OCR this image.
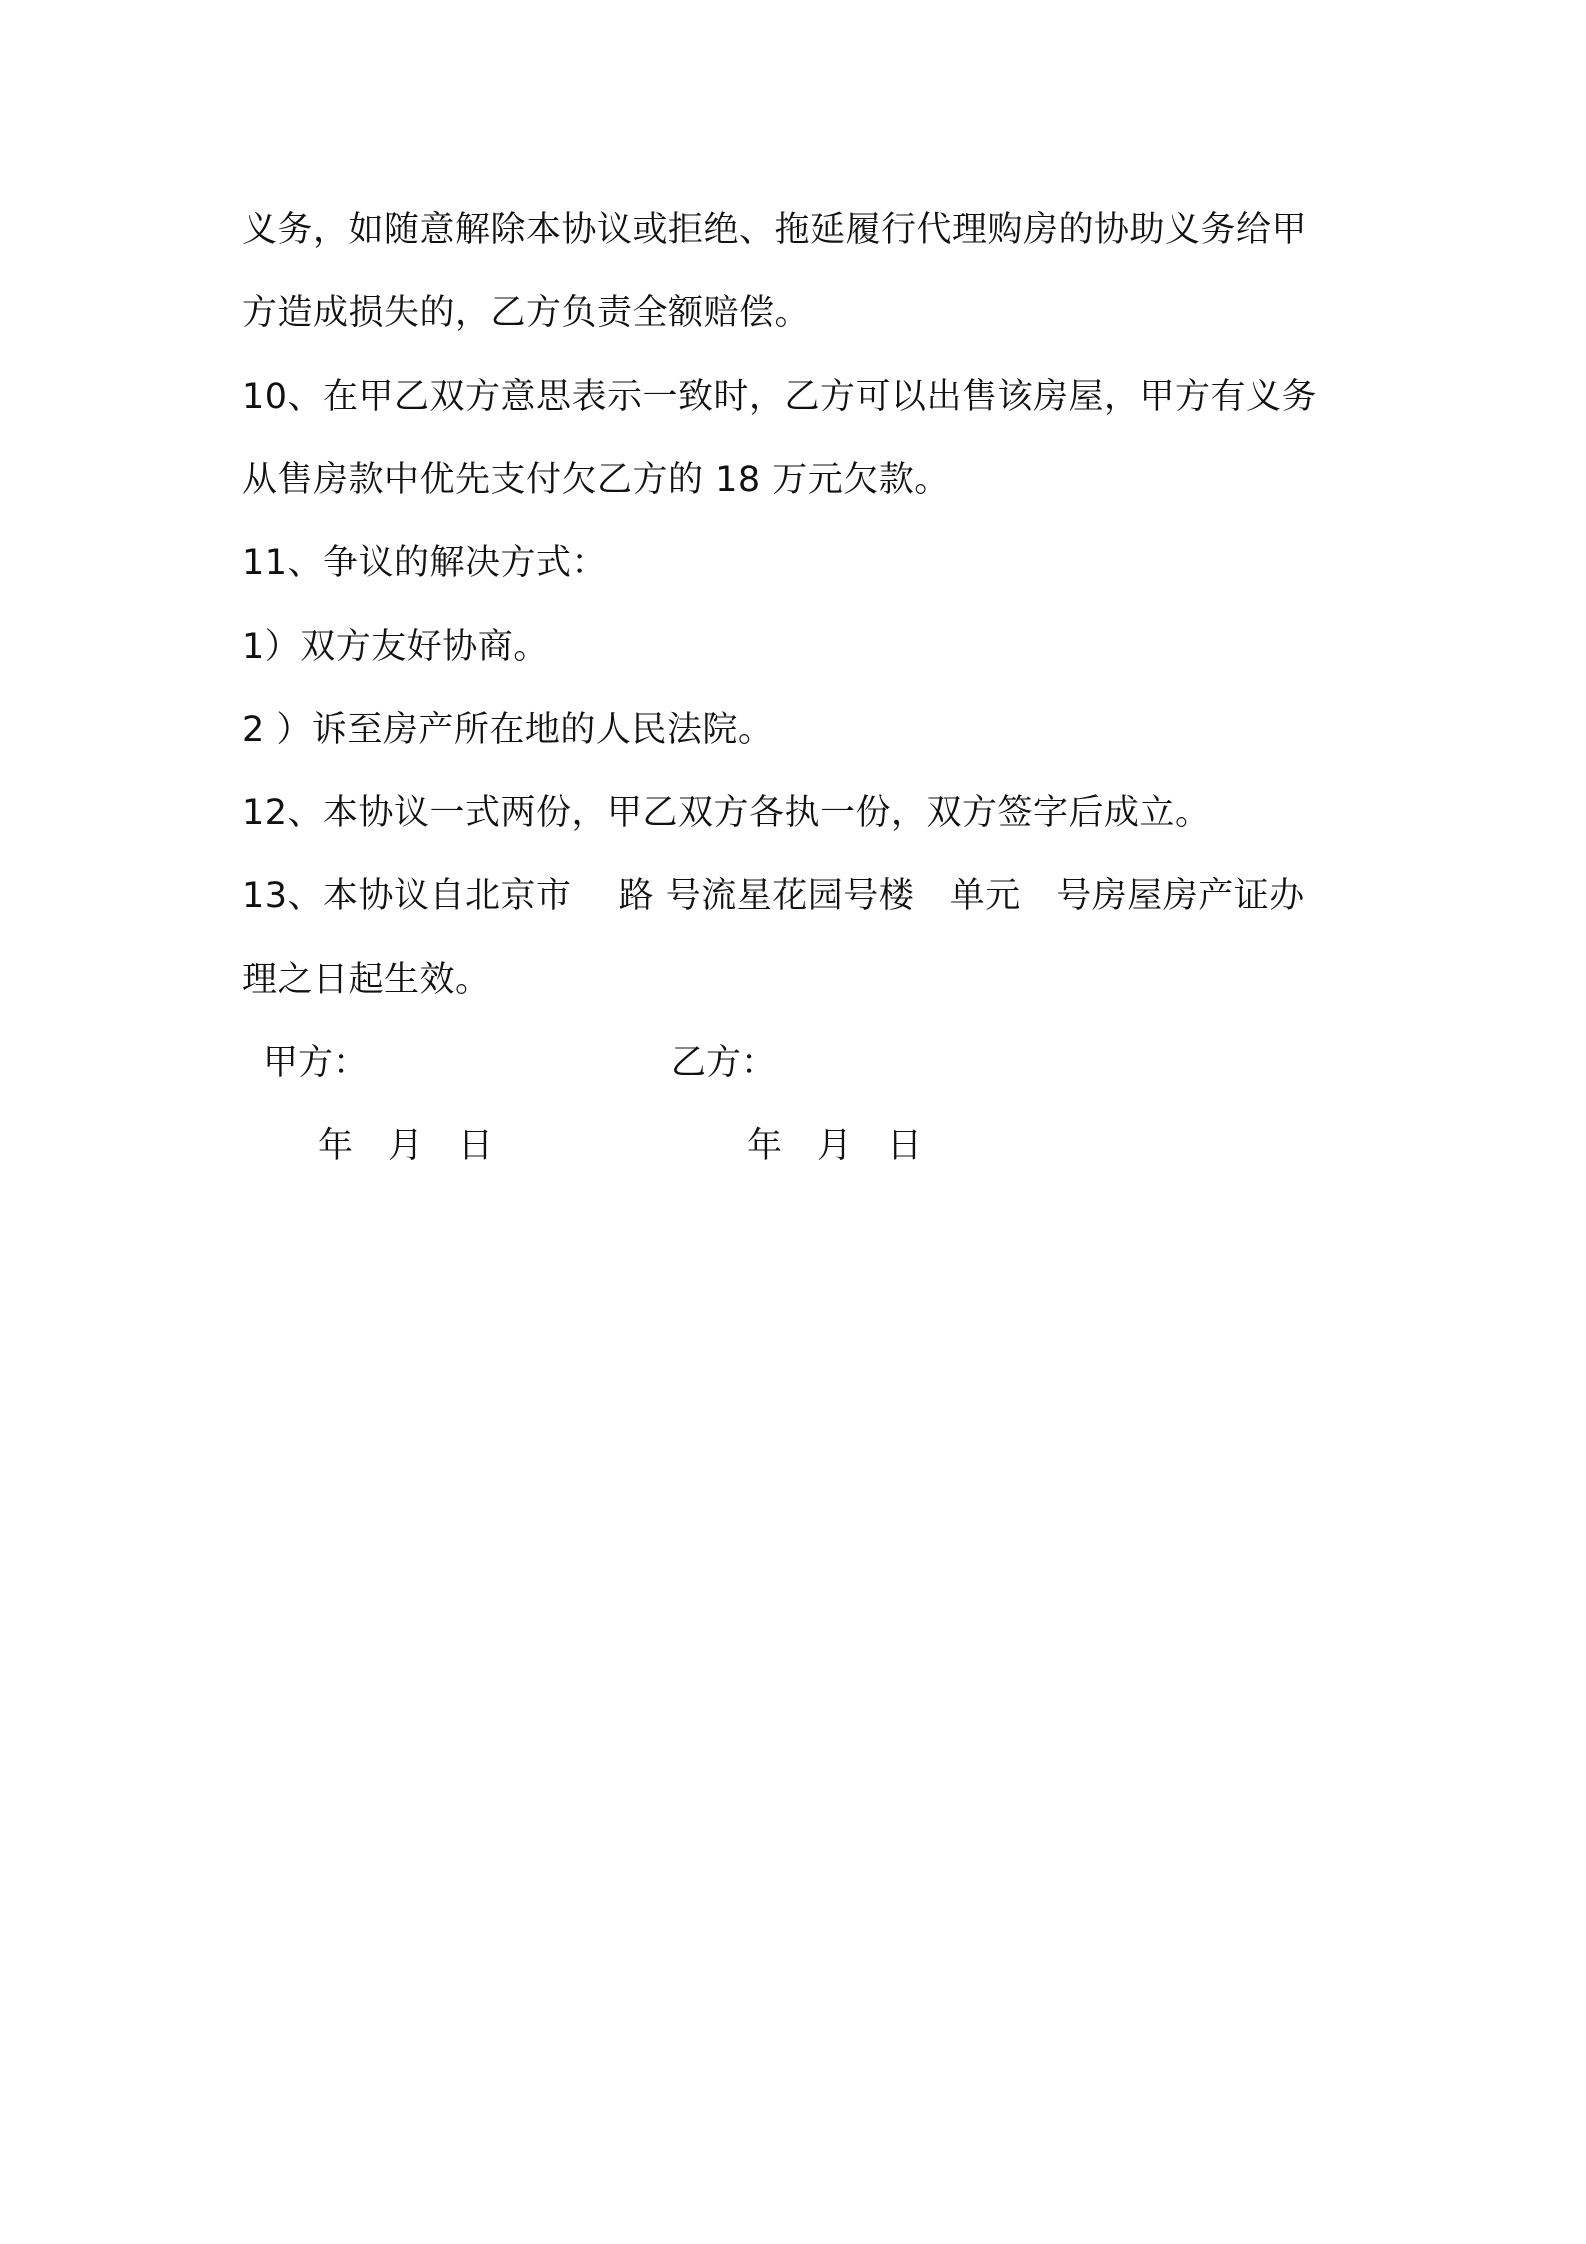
义务，如随意解除本协议或拒绝、拖延履行代理购房的协助义务给甲
方造成损失的，乙方负责全额赔偿。
10、在甲乙双方意思表示一致时，乙方可以出售该房屋，甲方有义务
从售房款中优先支付欠乙方的 18 万元欠款。
11、争议的解决方式：
1）双方友好协商。
2 ）诉至房产所在地的人民法院。
12、本协议一式两份，甲乙双方各执一份，双方签字后成立。
13、本协议自北京市　 路 号流星花园号楼　单元　号房屋房产证办
理之日起生效。
甲方：	乙方：
年　月　日	年　月　日
